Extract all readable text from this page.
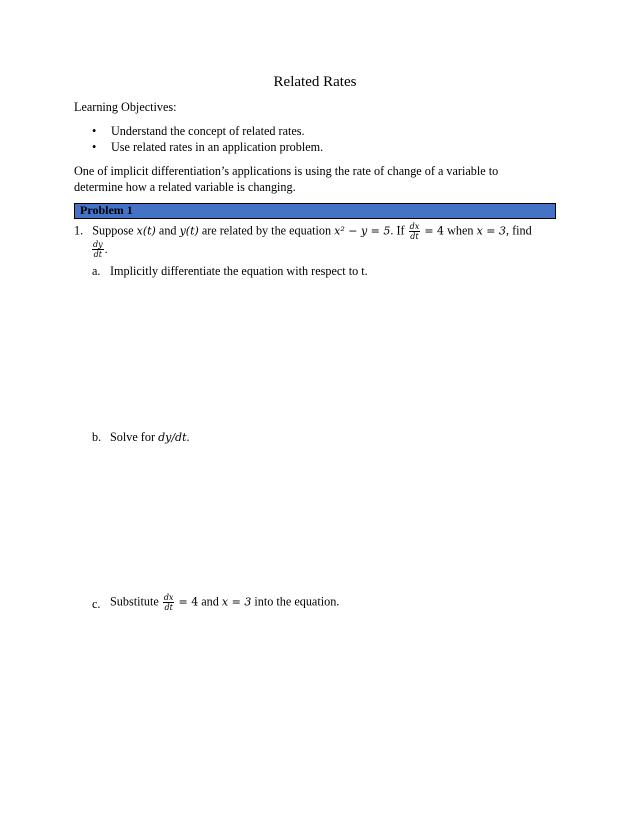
Related Rates
Learning Objectives:
• Understand the concept of related rates.
• Use related rates in an application problem.
One of implicit differentiation’s applications is using the rate of change of a variable to determine how a related variable is changing.
Problem 1
1. Suppose x(t) and y(t) are related by the equation x² − y = 5. If $\frac{dx}{dt} = 4$ when x = 3, find
$\frac{dy}{dt}$ .
a. Implicitly differentiate the equation with respect to t.
b. Solve for dy/dt.
c. Substitute $\frac{dx}{dt} = 4$ and x = 3 into the equation.
